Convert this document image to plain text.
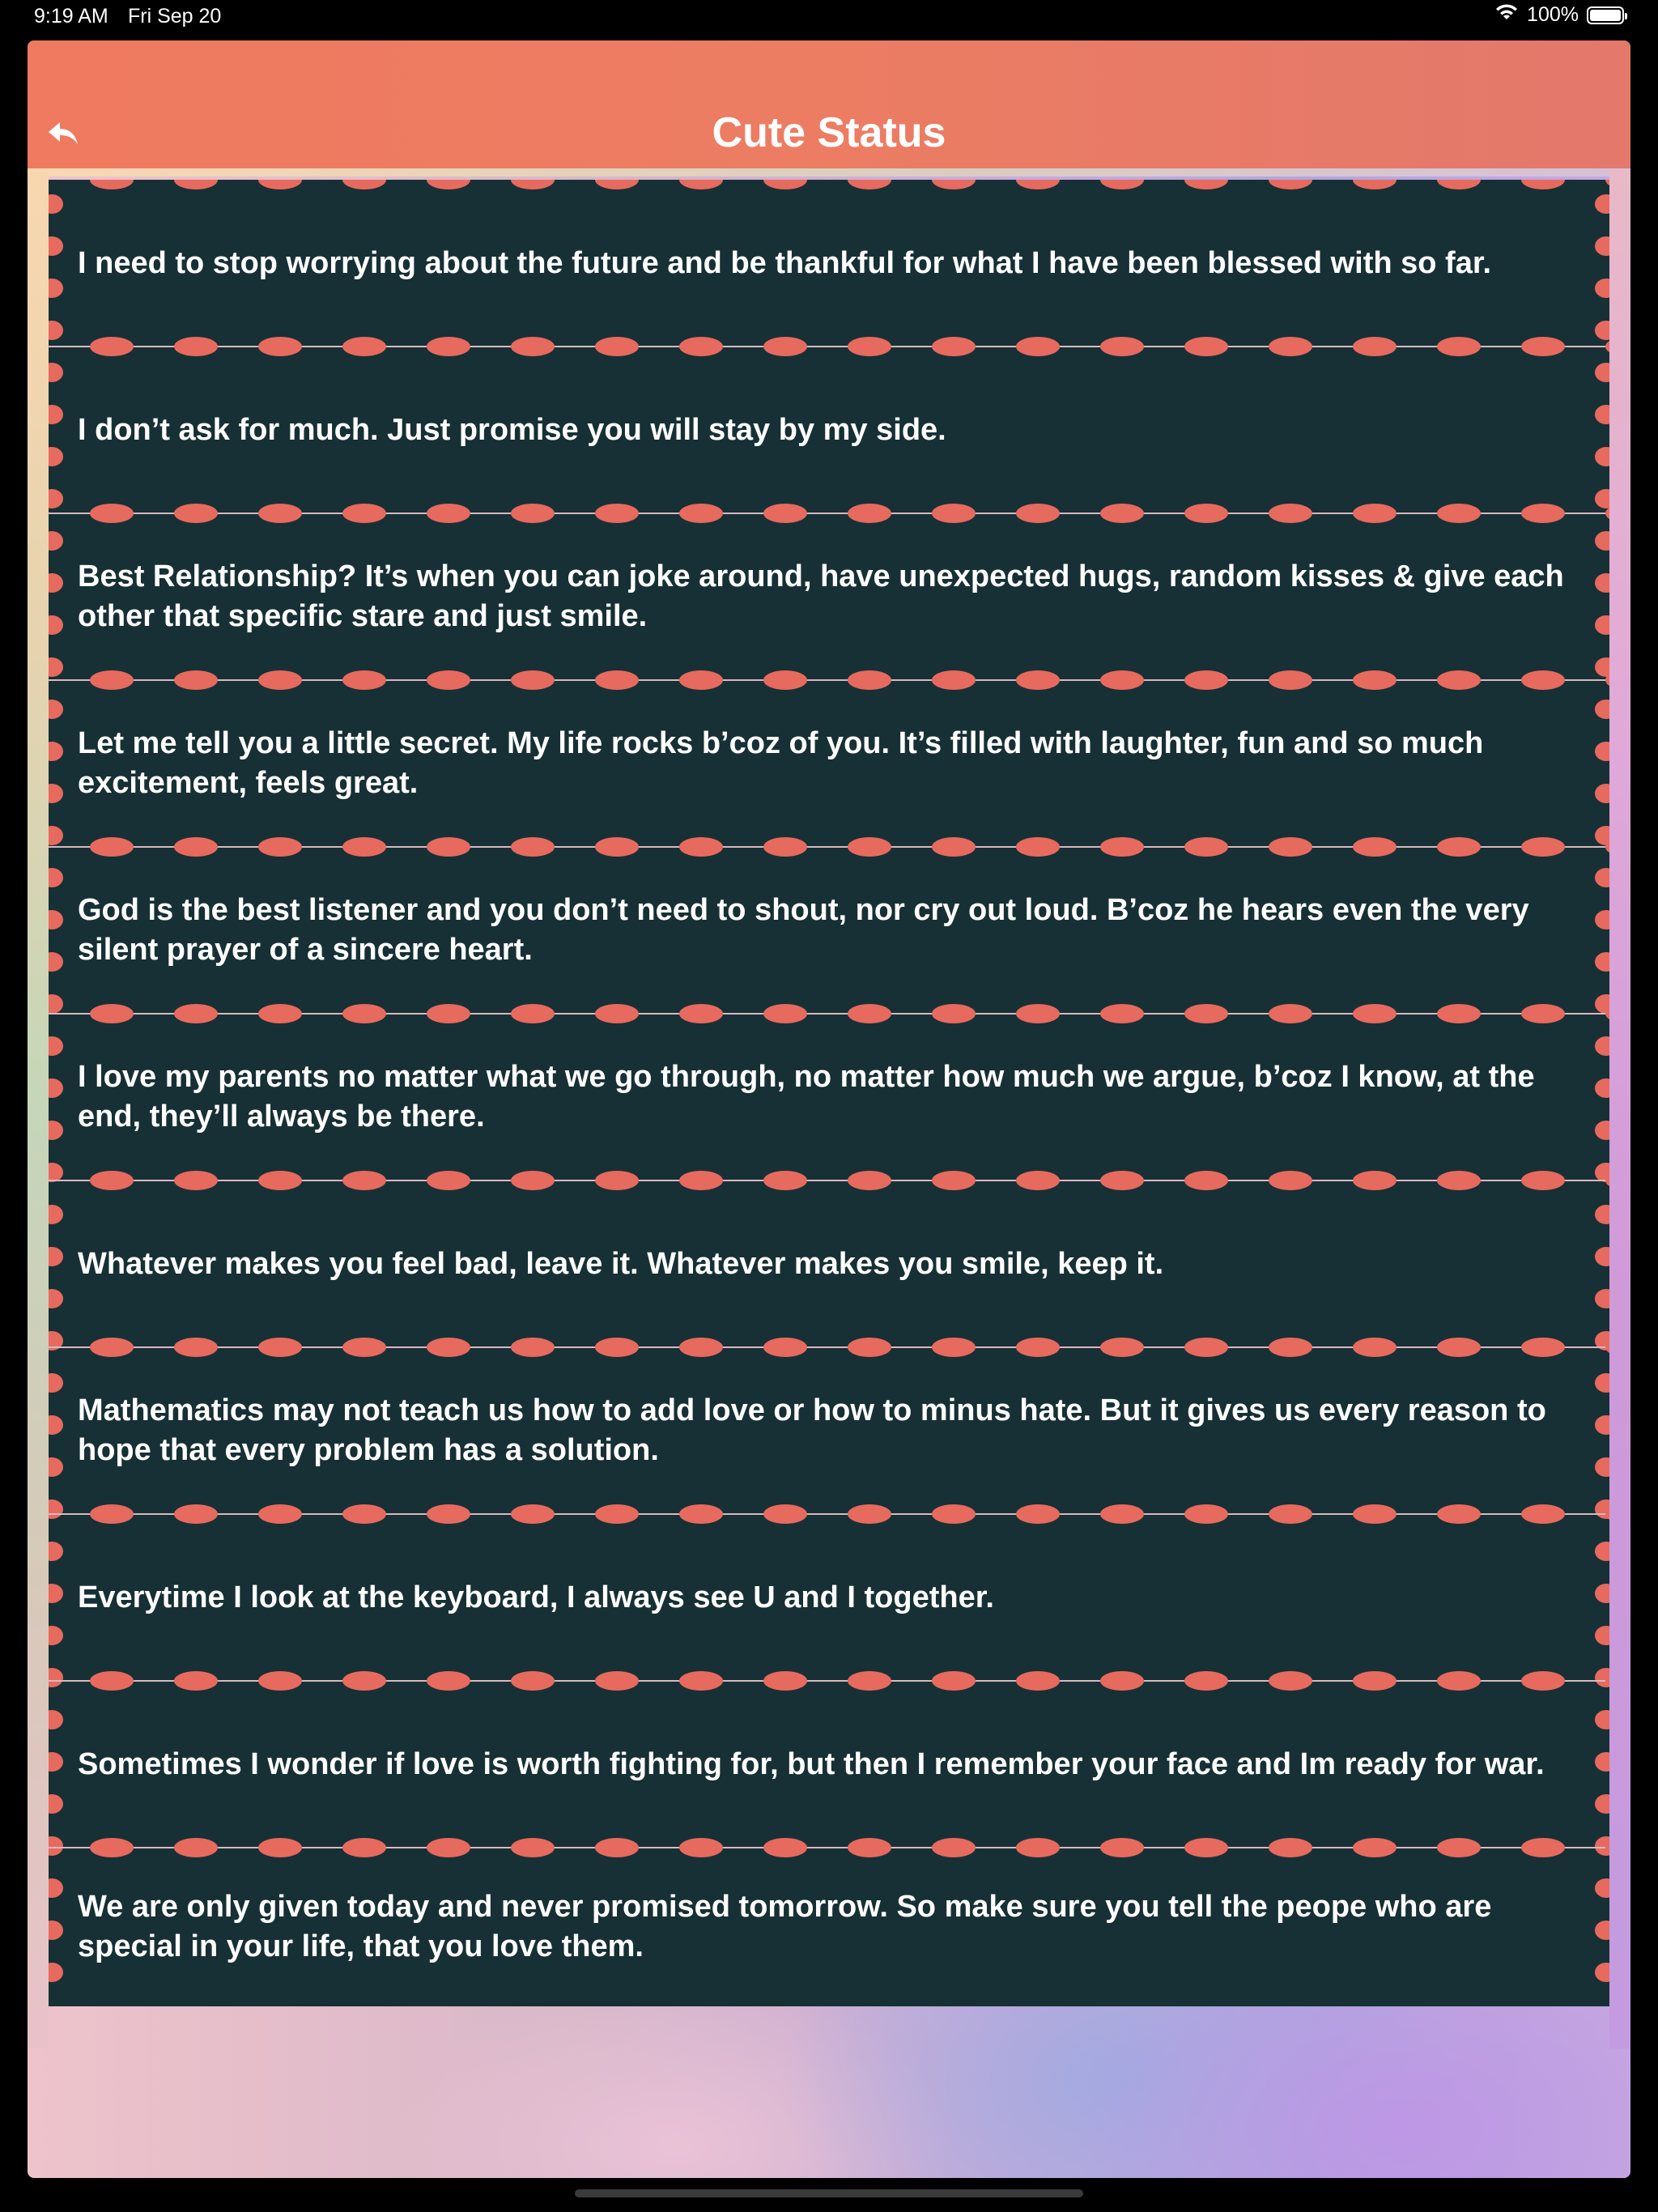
9:19 AM Fri Sep 20	100%
Cute Status
I need to stop worrying about the future and be thankful for what I have been blessed with so far.
I don’t ask for much. Just promise you will stay by my side.
Best Relationship? It’s when you can joke around, have unexpected hugs, random kisses & give each other that specific stare and just smile.
Let me tell you a little secret. My life rocks b’coz of you. It’s filled with laughter, fun and so much excitement, feels great.
God is the best listener and you don’t need to shout, nor cry out loud. B’coz he hears even the very silent prayer of a sincere heart.
I love my parents no matter what we go through, no matter how much we argue, b’coz I know, at the end, they’ll always be there.
Whatever makes you feel bad, leave it. Whatever makes you smile, keep it.
Mathematics may not teach us how to add love or how to minus hate. But it gives us every reason to hope that every problem has a solution.
Everytime I look at the keyboard, I always see U and I together.
Sometimes I wonder if love is worth fighting for, but then I remember your face and Im ready for war.
We are only given today and never promised tomorrow. So make sure you tell the peope who are special in your life, that you love them.
